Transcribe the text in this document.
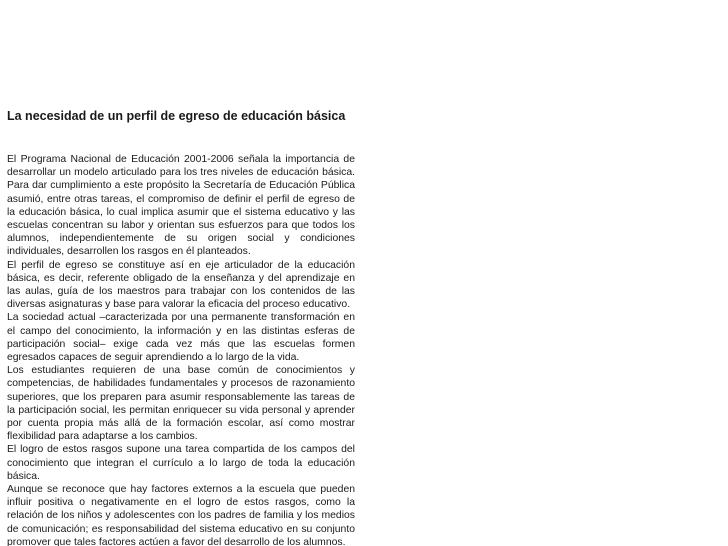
La necesidad de un perfil de egreso de educación básica

El Programa Nacional de Educación 2001-2006 señala la importancia de desarrollar un modelo articulado para los tres niveles de educación básica. Para dar cumplimiento a este propósito la Secretaría de Educación Pública asumió, entre otras tareas, el compromiso de definir el perfil de egreso de la educación básica, lo cual implica asumir que el sistema educativo y las escuelas concentran su labor y orientan sus esfuerzos para que todos los alumnos, independientemente de su origen social y condiciones individuales, desarrollen los rasgos en él planteados.

El perfil de egreso se constituye así en eje articulador de la educación básica, es decir, referente obligado de la enseñanza y del aprendizaje en las aulas, guía de los maestros para trabajar con los contenidos de las diversas asignaturas y base para valorar la eficacia del proceso educativo.

La sociedad actual –caracterizada por una permanente transformación en el campo del conocimiento, la información y en las distintas esferas de participación social– exige cada vez más que las escuelas formen egresados capaces de seguir aprendiendo a lo largo de la vida.

Los estudiantes requieren de una base común de conocimientos y competencias, de habilidades fundamentales y procesos de razonamiento superiores, que los preparen para asumir responsablemente las tareas de la participación social, les permitan enriquecer su vida personal y aprender por cuenta propia más allá de la formación escolar, así como mostrar flexibilidad para adaptarse a los cambios.

El logro de estos rasgos supone una tarea compartida de los campos del conocimiento que integran el currículo a lo largo de toda la educación básica.

Aunque se reconoce que hay factores externos a la escuela que pueden influir positiva o negativamente en el logro de estos rasgos, como la relación de los niños y adolescentes con los padres de familia y los medios de comunicación; es responsabilidad del sistema educativo en su conjunto promover que tales factores actúen a favor del desarrollo de los alumnos.
